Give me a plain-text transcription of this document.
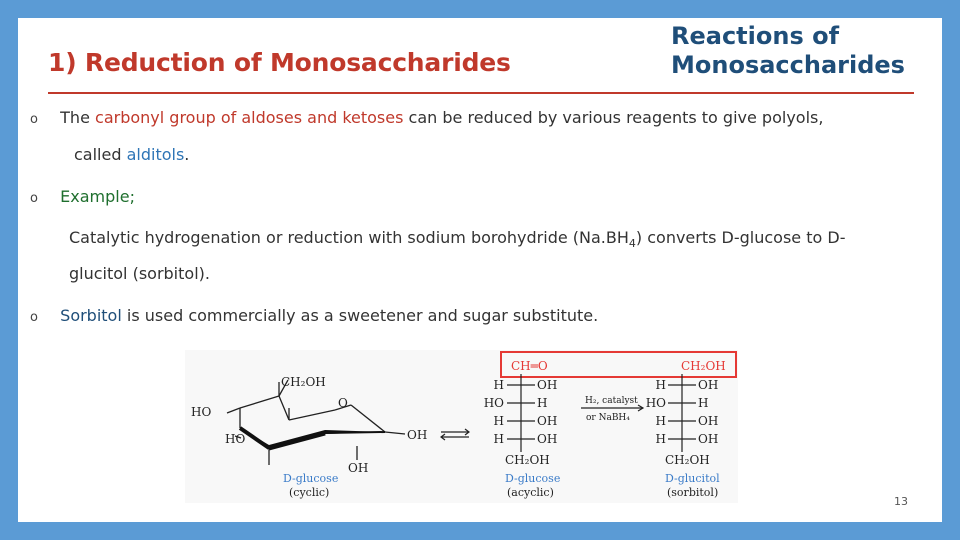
1) Reduction of Monosaccharides
Reactions of
Monosaccharides
o The carbonyl group of aldoses and ketoses can be reduced by various reagents to give polyols,
called alditols.
o Example;
Catalytic hydrogenation or reduction with sodium borohydride $(Na.BH_4)$ converts D-glucose to D-
glucitol (sorbitol).
o Sorbitol is used commercially as a sweetener and sugar substitute.
CH₂OH
O
HO
HO	OH
OH
D-glucose
(cyclic)
CH═O
H
HO
H
H
OH
H
OH
OH
CH₂OH
D-glucose
(acyclic)
H₂, catalyst
or NaBH₄
CH₂OH
H
HO
H
H
OH
H
OH
OH
CH₂OH
D-glucitol
(sorbitol)
13
